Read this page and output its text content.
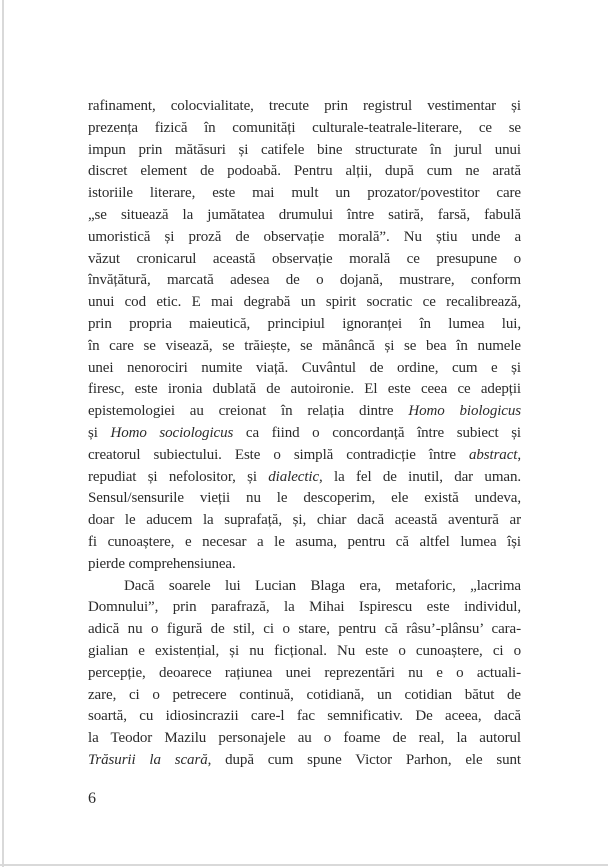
rafinament, colocvialitate, trecute prin registrul vestimentar și
prezența fizică în comunități culturale-teatrale-literare, ce se
impun prin mătăsuri și catifele bine structurate în jurul unui
discret element de podoabă. Pentru alții, după cum ne arată
istoriile literare, este mai mult un prozator/povestitor care
„se situează la jumătatea drumului între satiră, farsă, fabulă
umoristică și proză de observație morală”. Nu știu unde a
văzut cronicarul această observație morală ce presupune o
învățătură, marcată adesea de o dojană, mustrare, conform
unui cod etic. E mai degrabă un spirit socratic ce recalibrează,
prin propria maieutică, principiul ignoranței în lumea lui,
în care se visează, se trăiește, se mănâncă și se bea în numele
unei nenorociri numite viață. Cuvântul de ordine, cum e și
firesc, este ironia dublată de autoironie. El este ceea ce adepții
epistemologiei au creionat în relația dintre Homo biologicus
și Homo sociologicus ca fiind o concordanță între subiect și
creatorul subiectului. Este o simplă contradicție între abstract,
repudiat și nefolositor, și dialectic, la fel de inutil, dar uman.
Sensul/sensurile vieții nu le descoperim, ele există undeva,
doar le aducem la suprafață, și, chiar dacă această aventură ar
fi cunoaștere, e necesar a le asuma, pentru că altfel lumea își
pierde comprehensiunea.
Dacă soarele lui Lucian Blaga era, metaforic, „lacrima
Domnului”, prin parafrază, la Mihai Ispirescu este individul,
adică nu o figură de stil, ci o stare, pentru că râsu’-plânsu’ cara-
gialian e existențial, și nu ficțional. Nu este o cunoaștere, ci o
percepție, deoarece rațiunea unei reprezentări nu e o actuali-
zare, ci o petrecere continuă, cotidiană, un cotidian bătut de
soartă, cu idiosincrazii care-l fac semnificativ. De aceea, dacă
la Teodor Mazilu personajele au o foame de real, la autorul
Trăsurii la scară, după cum spune Victor Parhon, ele sunt
6
